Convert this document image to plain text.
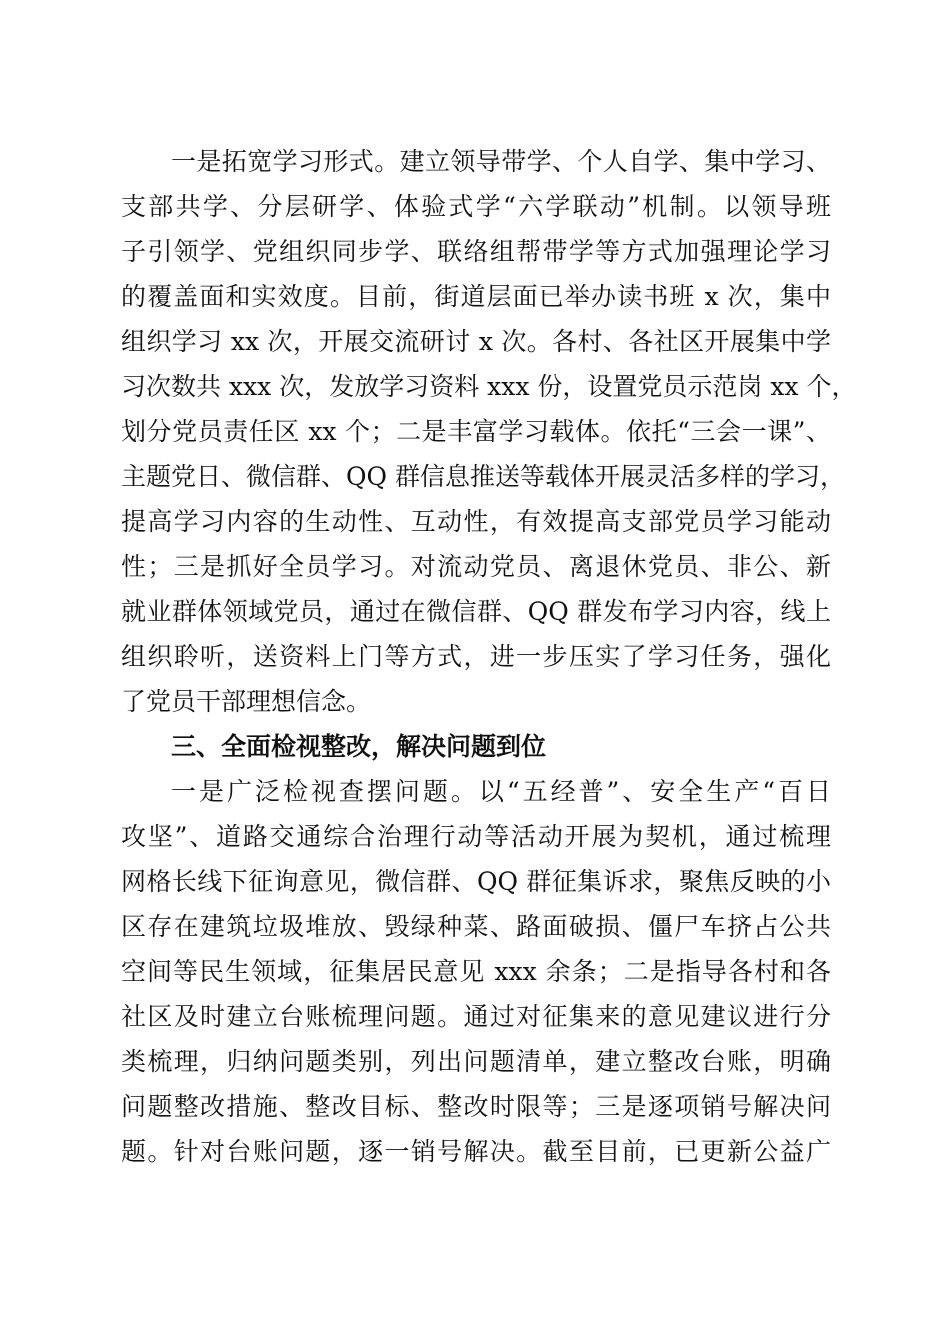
一是拓宽学习形式。建立领导带学、个人自学、集中学习、
支部共学、分层研学、体验式学“六学联动”机制。以领导班
子引领学、党组织同步学、联络组帮带学等方式加强理论学习
的覆盖面和实效度。目前，街道层面已举办读书班 x 次，集中
组织学习 xx 次，开展交流研讨 x 次。各村、各社区开展集中学
习次数共 xxx 次，发放学习资料 xxx 份，设置党员示范岗 xx 个，
划分党员责任区 xx 个；二是丰富学习载体。依托“三会一课”、
主题党日、微信群、QQ 群信息推送等载体开展灵活多样的学习，
提高学习内容的生动性、互动性，有效提高支部党员学习能动
性；三是抓好全员学习。对流动党员、离退休党员、非公、新
就业群体领域党员，通过在微信群、QQ 群发布学习内容，线上
组织聆听，送资料上门等方式，进一步压实了学习任务，强化
了党员干部理想信念。
三、全面检视整改，解决问题到位
一是广泛检视查摆问题。以“五经普”、安全生产“百日
攻坚”、道路交通综合治理行动等活动开展为契机，通过梳理
网格长线下征询意见，微信群、QQ 群征集诉求，聚焦反映的小
区存在建筑垃圾堆放、毁绿种菜、路面破损、僵尸车挤占公共
空间等民生领域，征集居民意见 xxx 余条；二是指导各村和各
社区及时建立台账梳理问题。通过对征集来的意见建议进行分
类梳理，归纳问题类别，列出问题清单，建立整改台账，明确
问题整改措施、整改目标、整改时限等；三是逐项销号解决问
题。针对台账问题，逐一销号解决。截至目前，已更新公益广
